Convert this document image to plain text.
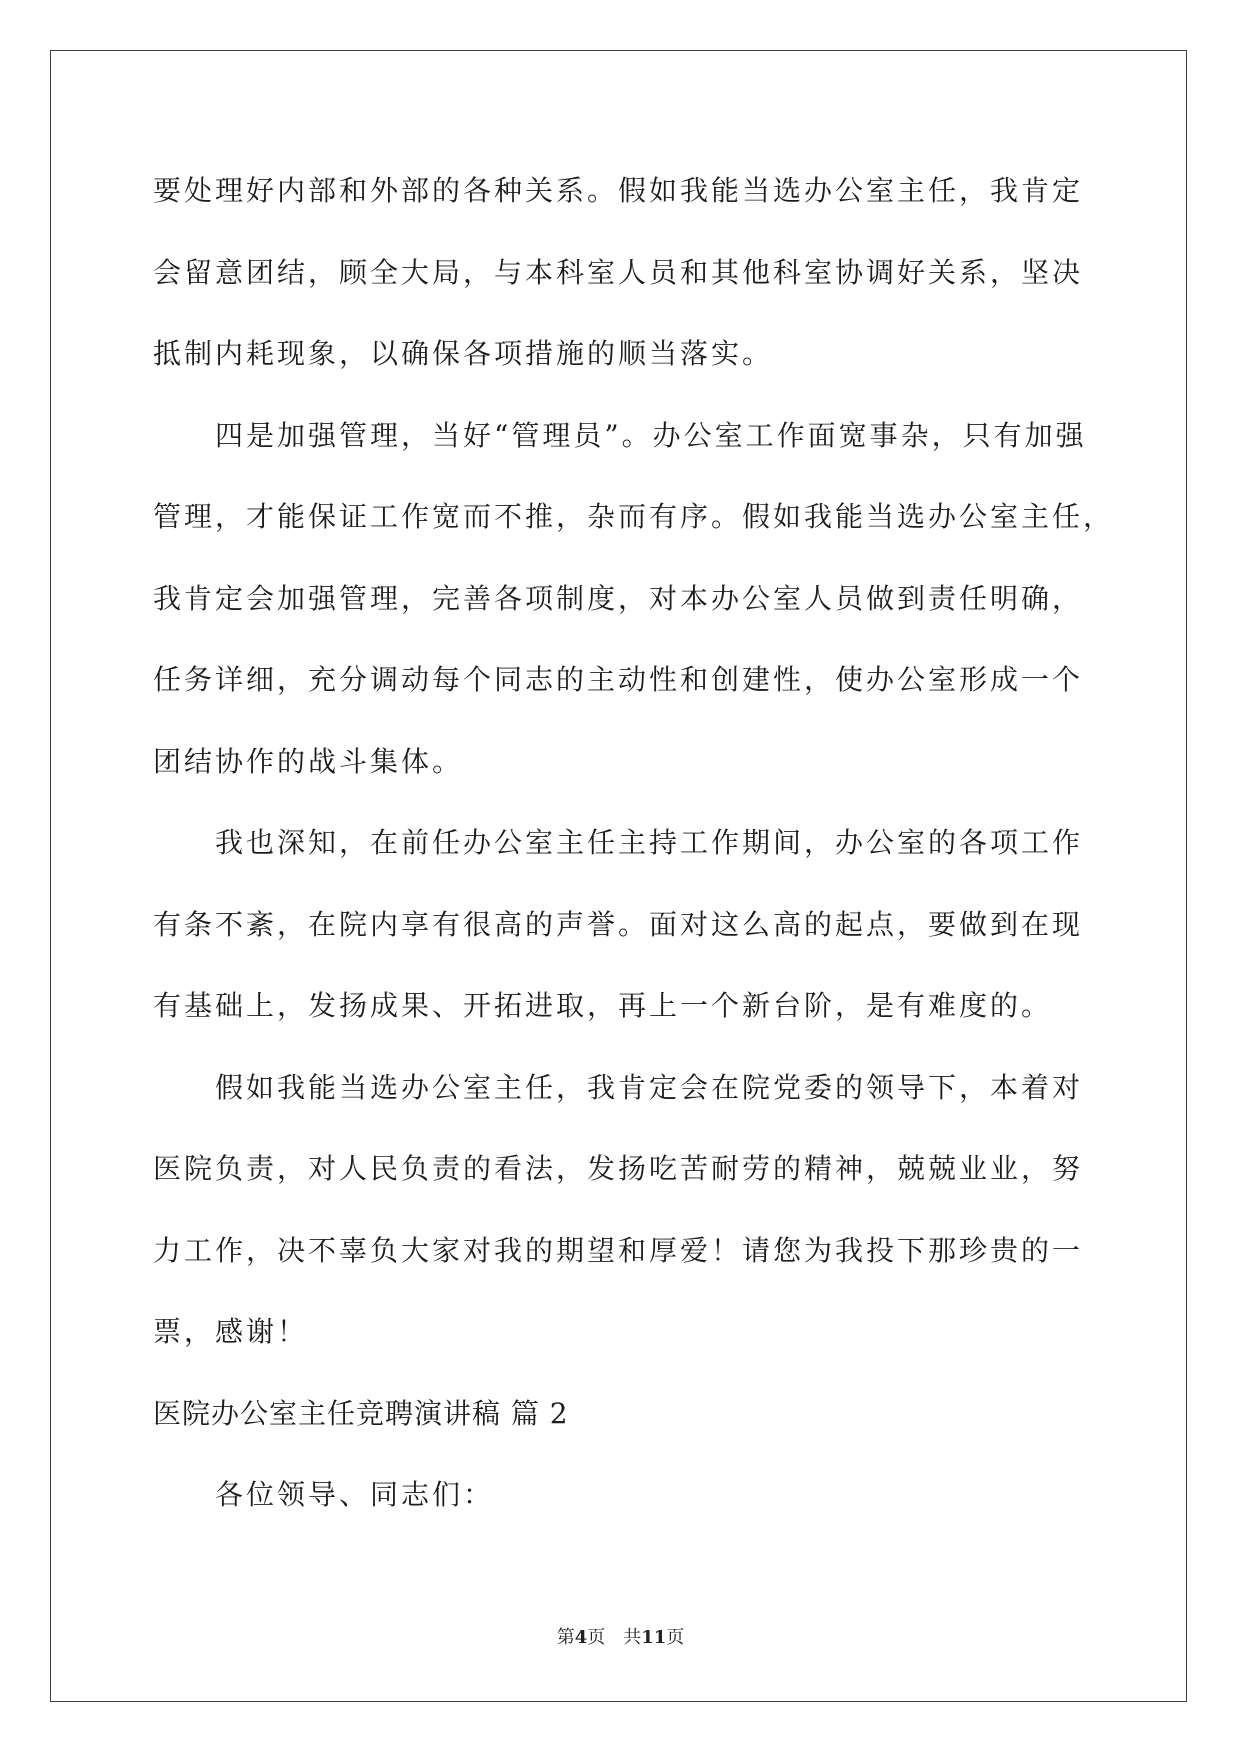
要处理好内部和外部的各种关系。假如我能当选办公室主任，我肯定
会留意团结，顾全大局，与本科室人员和其他科室协调好关系，坚决
抵制内耗现象，以确保各项措施的顺当落实。
四是加强管理，当好“管理员”。办公室工作面宽事杂，只有加强
管理，才能保证工作宽而不推，杂而有序。假如我能当选办公室主任，
我肯定会加强管理，完善各项制度，对本办公室人员做到责任明确，
任务详细，充分调动每个同志的主动性和创建性，使办公室形成一个
团结协作的战斗集体。
我也深知，在前任办公室主任主持工作期间，办公室的各项工作
有条不紊，在院内享有很高的声誉。面对这么高的起点，要做到在现
有基础上，发扬成果、开拓进取，再上一个新台阶，是有难度的。
假如我能当选办公室主任，我肯定会在院党委的领导下，本着对
医院负责，对人民负责的看法，发扬吃苦耐劳的精神，兢兢业业，努
力工作，决不辜负大家对我的期望和厚爱！请您为我投下那珍贵的一
票，感谢！
医院办公室主任竞聘演讲稿 篇 2
各位领导、同志们：
第4页 共11页
